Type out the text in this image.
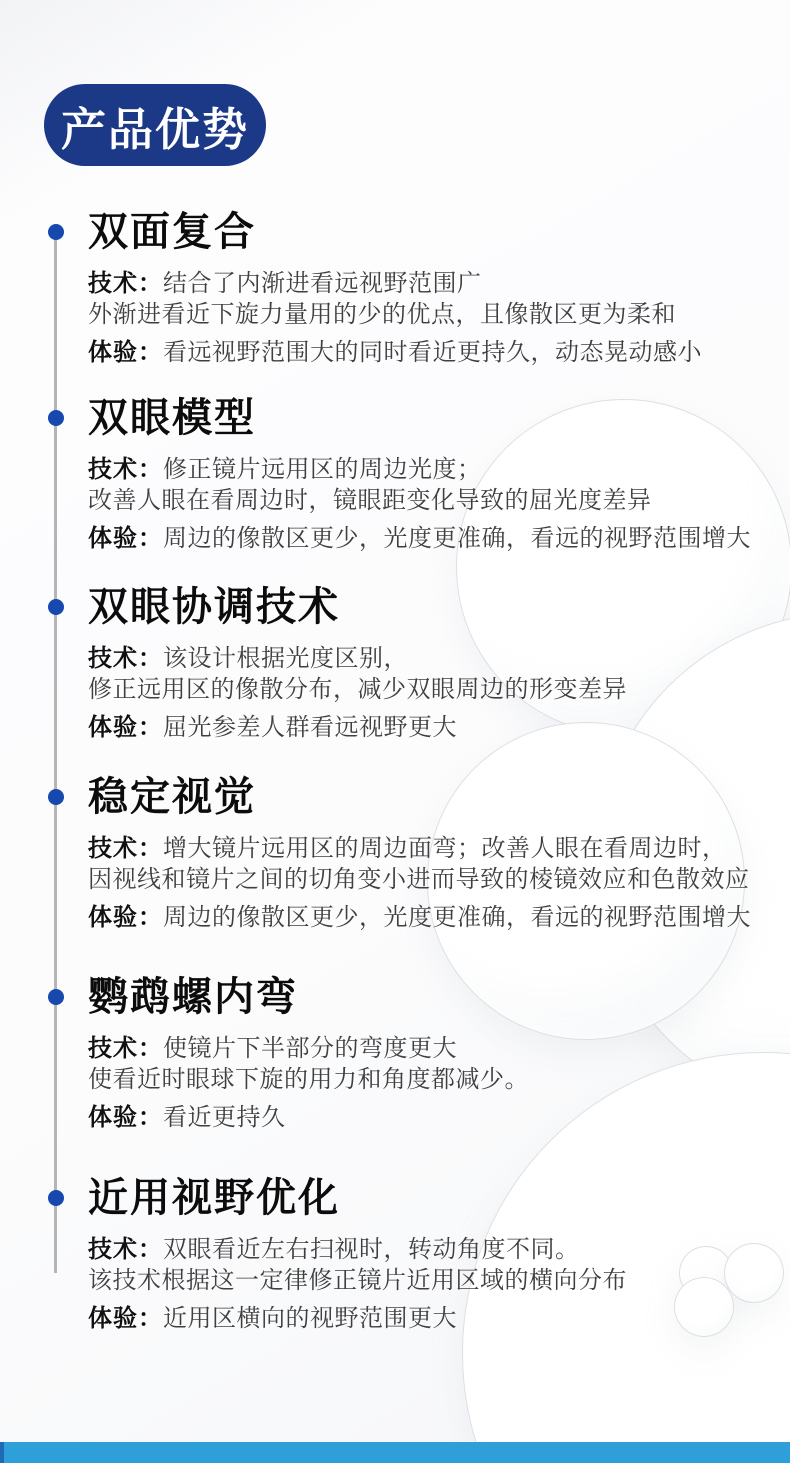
产品优势
双面复合

技术：结合了内渐进看远视野范围广
外渐进看近下旋力量用的少的优点，且像散区更为柔和

体验：看远视野范围大的同时看近更持久，动态晃动感小

双眼模型

技术：修正镜片远用区的周边光度；
改善人眼在看周边时，镜眼距变化导致的屈光度差异

体验：周边的像散区更少，光度更准确，看远的视野范围增大

双眼协调技术

技术：该设计根据光度区别，
修正远用区的像散分布，减少双眼周边的形变差异

体验：屈光参差人群看远视野更大

稳定视觉

技术：增大镜片远用区的周边面弯；改善人眼在看周边时，
因视线和镜片之间的切角变小进而导致的棱镜效应和色散效应

体验：周边的像散区更少，光度更准确，看远的视野范围增大

鹦鹉螺内弯

技术：使镜片下半部分的弯度更大
使看近时眼球下旋的用力和角度都减少。

体验：看近更持久

近用视野优化

技术：双眼看近左右扫视时，转动角度不同。
该技术根据这一定律修正镜片近用区域的横向分布

体验：近用区横向的视野范围更大
